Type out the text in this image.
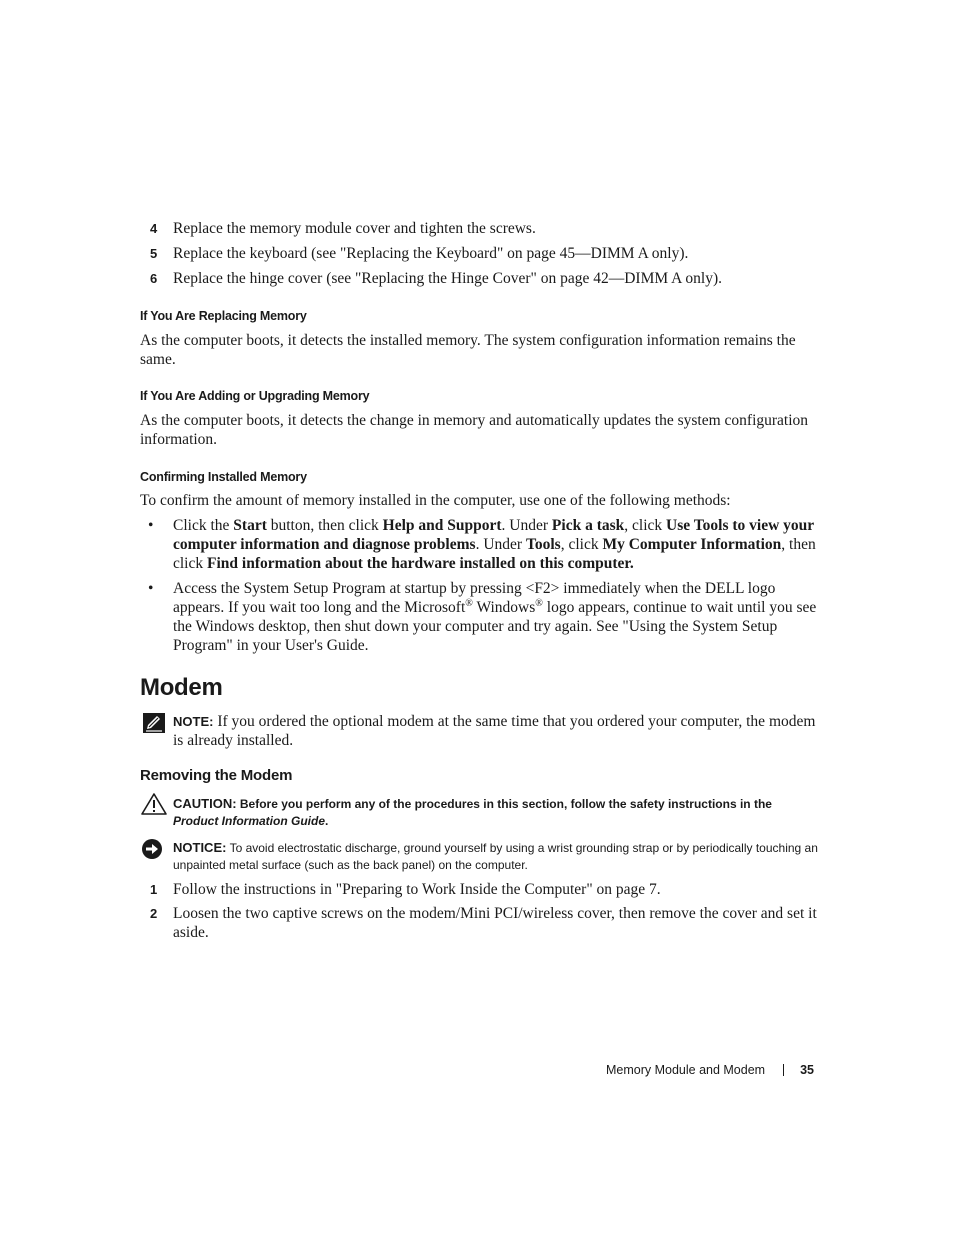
4 Replace the memory module cover and tighten the screws.
5 Replace the keyboard (see "Replacing the Keyboard" on page 45—DIMM A only).
6 Replace the hinge cover (see "Replacing the Hinge Cover" on page 42—DIMM A only).
If You Are Replacing Memory
As the computer boots, it detects the installed memory. The system configuration information remains the same.
If You Are Adding or Upgrading Memory
As the computer boots, it detects the change in memory and automatically updates the system configuration information.
Confirming Installed Memory
To confirm the amount of memory installed in the computer, use one of the following methods:
• Click the Start button, then click Help and Support. Under Pick a task, click Use Tools to view your computer information and diagnose problems. Under Tools, click My Computer Information, then click Find information about the hardware installed on this computer.
• Access the System Setup Program at startup by pressing <F2> immediately when the DELL logo appears. If you wait too long and the Microsoft® Windows® logo appears, continue to wait until you see the Windows desktop, then shut down your computer and try again. See "Using the System Setup Program" in your User's Guide.
Modem
NOTE: If you ordered the optional modem at the same time that you ordered your computer, the modem is already installed.
Removing the Modem
CAUTION: Before you perform any of the procedures in this section, follow the safety instructions in the Product Information Guide.
NOTICE: To avoid electrostatic discharge, ground yourself by using a wrist grounding strap or by periodically touching an unpainted metal surface (such as the back panel) on the computer.
1 Follow the instructions in "Preparing to Work Inside the Computer" on page 7.
2 Loosen the two captive screws on the modem/Mini PCI/wireless cover, then remove the cover and set it aside.
Memory Module and Modem	35
